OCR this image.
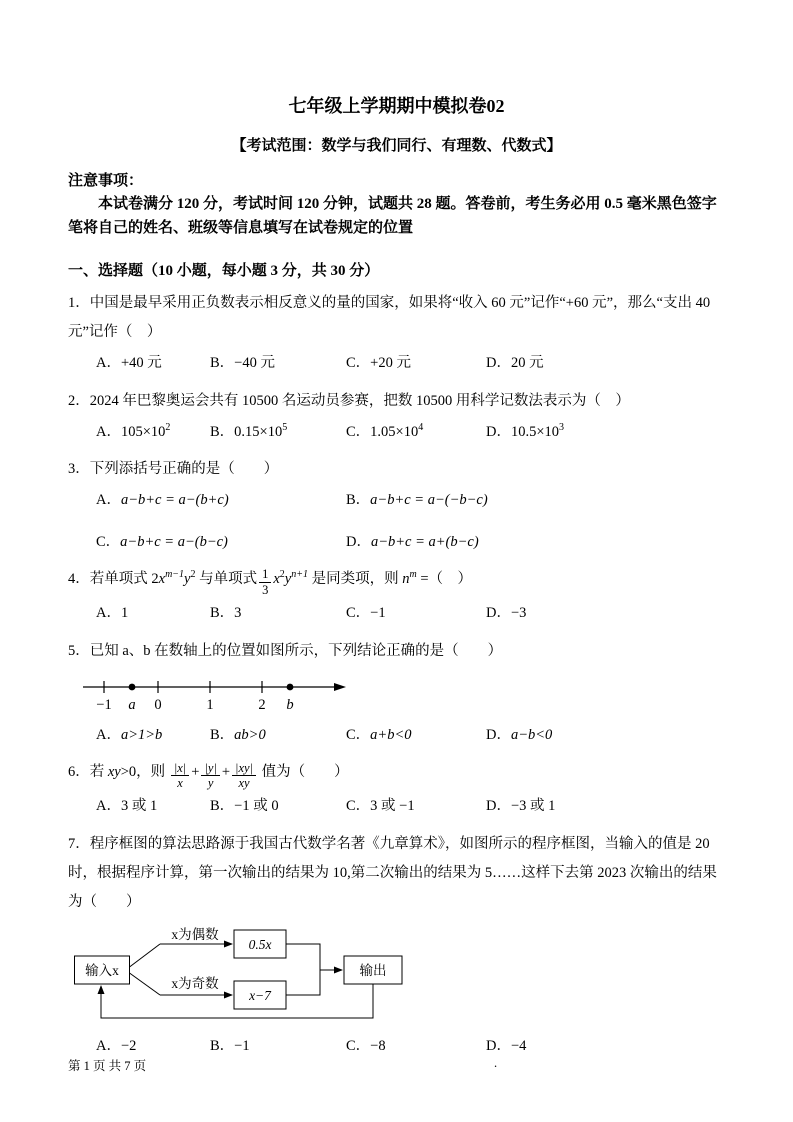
七年级上学期期中模拟卷02
【考试范围：数学与我们同行、有理数、代数式】
注意事项：

本试卷满分 120 分，考试时间 120 分钟，试题共 28 题。答卷前，考生务必用 0.5 毫米黑色签字笔将自己的姓名、班级等信息填写在试卷规定的位置

一、选择题（10 小题，每小题 3 分，共 30 分）

1．中国是最早采用正负数表示相反意义的量的国家，如果将“收入 60 元”记作“+60 元”，那么“支出 40 元”记作（　）

A．+40 元	B．−40 元	C．+20 元	D．20 元

2．2024 年巴黎奥运会共有 10500 名运动员参赛，把数 10500 用科学记数法表示为（　）

A．$105\times 10^2$	B．$0.15\times 10^5$	C．$1.05\times 10^4$	D．$10.5\times 10^3$

3．下列添括号正确的是（　　）

A．a−b+c = a−(b+c)	B．a−b+c = a−(−b−c)
C．a−b+c = a−(b−c)	D．a−b+c = a+(b−c)

4．若单项式 $2x^{m-1}y^2$ 与单项式 $\frac{1}{3} x^2y^{n+1}$ 是同类项，则 $n^m$ =（　）

A．1	B．3	C．−1	D．−3

5．已知 a、b 在数轴上的位置如图所示，下列结论正确的是（　　）

−1 a 0	1	2 b
A．a>1>b	B．ab>0	C．a+b<0	D．a−b<0

6．若 xy>0，则 $\frac{|x|}{x} + \frac{|y|}{y} + \frac{|xy|}{xy}$ 值为（　　）

A．3 或 1	B．−1 或 0	C．3 或 −1	D．−3 或 1

7．程序框图的算法思路源于我国古代数学名著《九章算术》，如图所示的程序框图，当输入的值是 20 时，根据程序计算，第一次输出的结果为 10,第二次输出的结果为 5……这样下去第 2023 次输出的结果为（　　）

输入x
x为偶数
0.5x
x为奇数
x−7
输出
A．−2	B．−1	C．−8	D．−4
第 1 页 共 7 页	.
